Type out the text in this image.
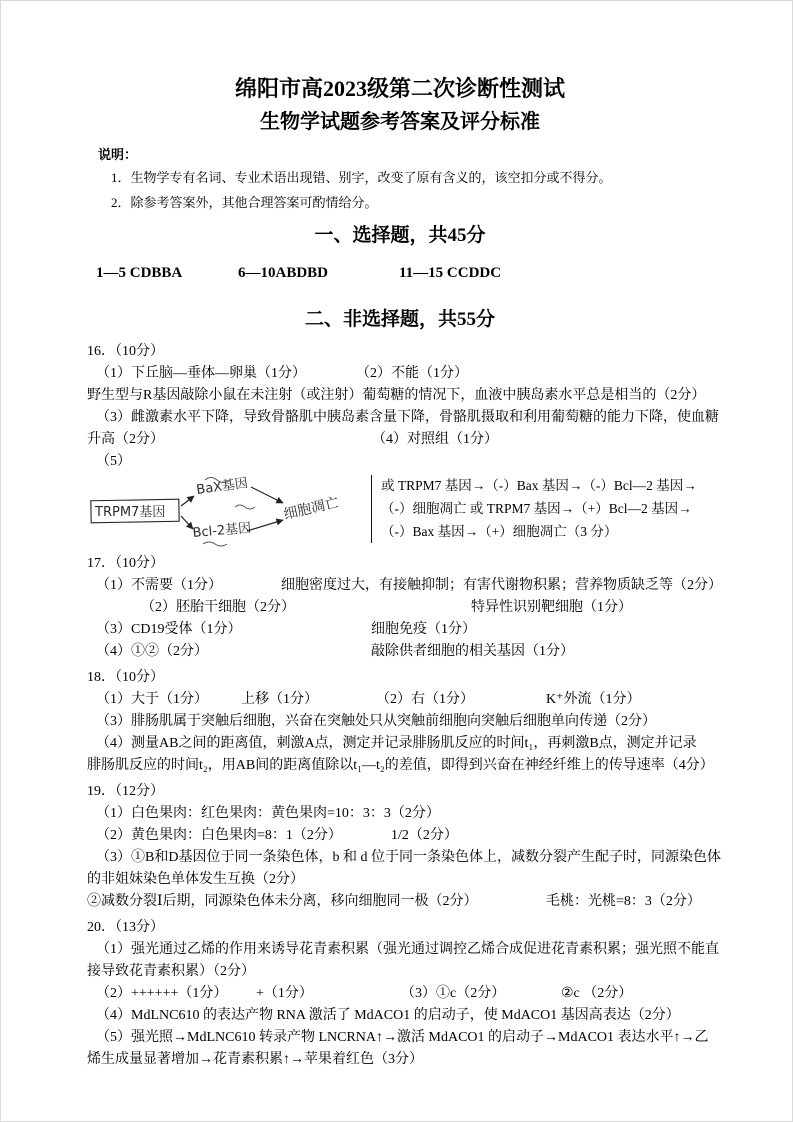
绵阳市高2023级第二次诊断性测试
生物学试题参考答案及评分标准
说明：
1．生物学专有名词、专业术语出现错、别字，改变了原有含义的，该空扣分或不得分。
2．除参考答案外，其他合理答案可酌情给分。
一、选择题，共45分
1—5 CDBBA	6—10ABDBD	11—15 CCDDC
二、非选择题，共55分
16．（10分）
（1）下丘脑—垂体—卵巢（1分）	（2）不能（1分）
野生型与R基因敲除小鼠在未注射（或注射）葡萄糖的情况下，血液中胰岛素水平总是相当的（2分）
（3）雌激素水平下降，导致骨骼肌中胰岛素含量下降，骨骼肌摄取和利用葡萄糖的能力下降，使血糖
升高（2分）	（4）对照组（1分）
（5）
TRPM7基因
BaX基因
Bcl-2基因
细胞凋亡
或 TRPM7 基因→（-）Bax 基因→（-）Bcl—2 基因→
（-）细胞凋亡 或 TRPM7 基因→（+）Bcl—2 基因→
（-）Bax 基因→（+）细胞凋亡（3 分）
17．（10分）
（1）不需要（1分）	细胞密度过大，有接触抑制；有害代谢物积累；营养物质缺乏等（2分）
（2）胚胎干细胞（2分）	特异性识别靶细胞（1分）
（3）CD19受体（1分）	细胞免疫（1分）
（4）①②（2分）	敲除供者细胞的相关基因（1分）
18．（10分）
（1）大于（1分） 上移（1分）	（2）右（1分）	K⁺外流（1分）
（3）腓肠肌属于突触后细胞，兴奋在突触处只从突触前细胞向突触后细胞单向传递（2分）
（4）测量AB之间的距离值，刺激A点，测定并记录腓肠肌反应的时间t₁，再刺激B点，测定并记录
腓肠肌反应的时间t₂，用AB间的距离值除以t₁—t₂的差值，即得到兴奋在神经纤维上的传导速率（4分）
19．（12分）
（1）白色果肉：红色果肉：黄色果肉=10：3：3（2分）
（2）黄色果肉：白色果肉=8：1（2分）	1/2（2分）
（3）①B和D基因位于同一条染色体，b 和 d 位于同一条染色体上，减数分裂产生配子时，同源染色体
的非姐妹染色单体发生互换（2分）
②减数分裂Ⅰ后期，同源染色体未分离，移向细胞同一极（2分）	毛桃：光桃=8：3（2分）
20．（13分）
（1）强光通过乙烯的作用来诱导花青素积累（强光通过调控乙烯合成促进花青素积累；强光照不能直
接导致花青素积累）（2分）
（2）++++++（1分） +（1分）	（3）①c（2分）	②c （2分）
（4）MdLNC610 的表达产物 RNA 激活了 MdACO1 的启动子，使 MdACO1 基因高表达（2分）
（5）强光照→MdLNC610 转录产物 LNCRNA↑→激活 MdACO1 的启动子→MdACO1 表达水平↑→乙
烯生成量显著增加→花青素积累↑→苹果着红色（3分）
